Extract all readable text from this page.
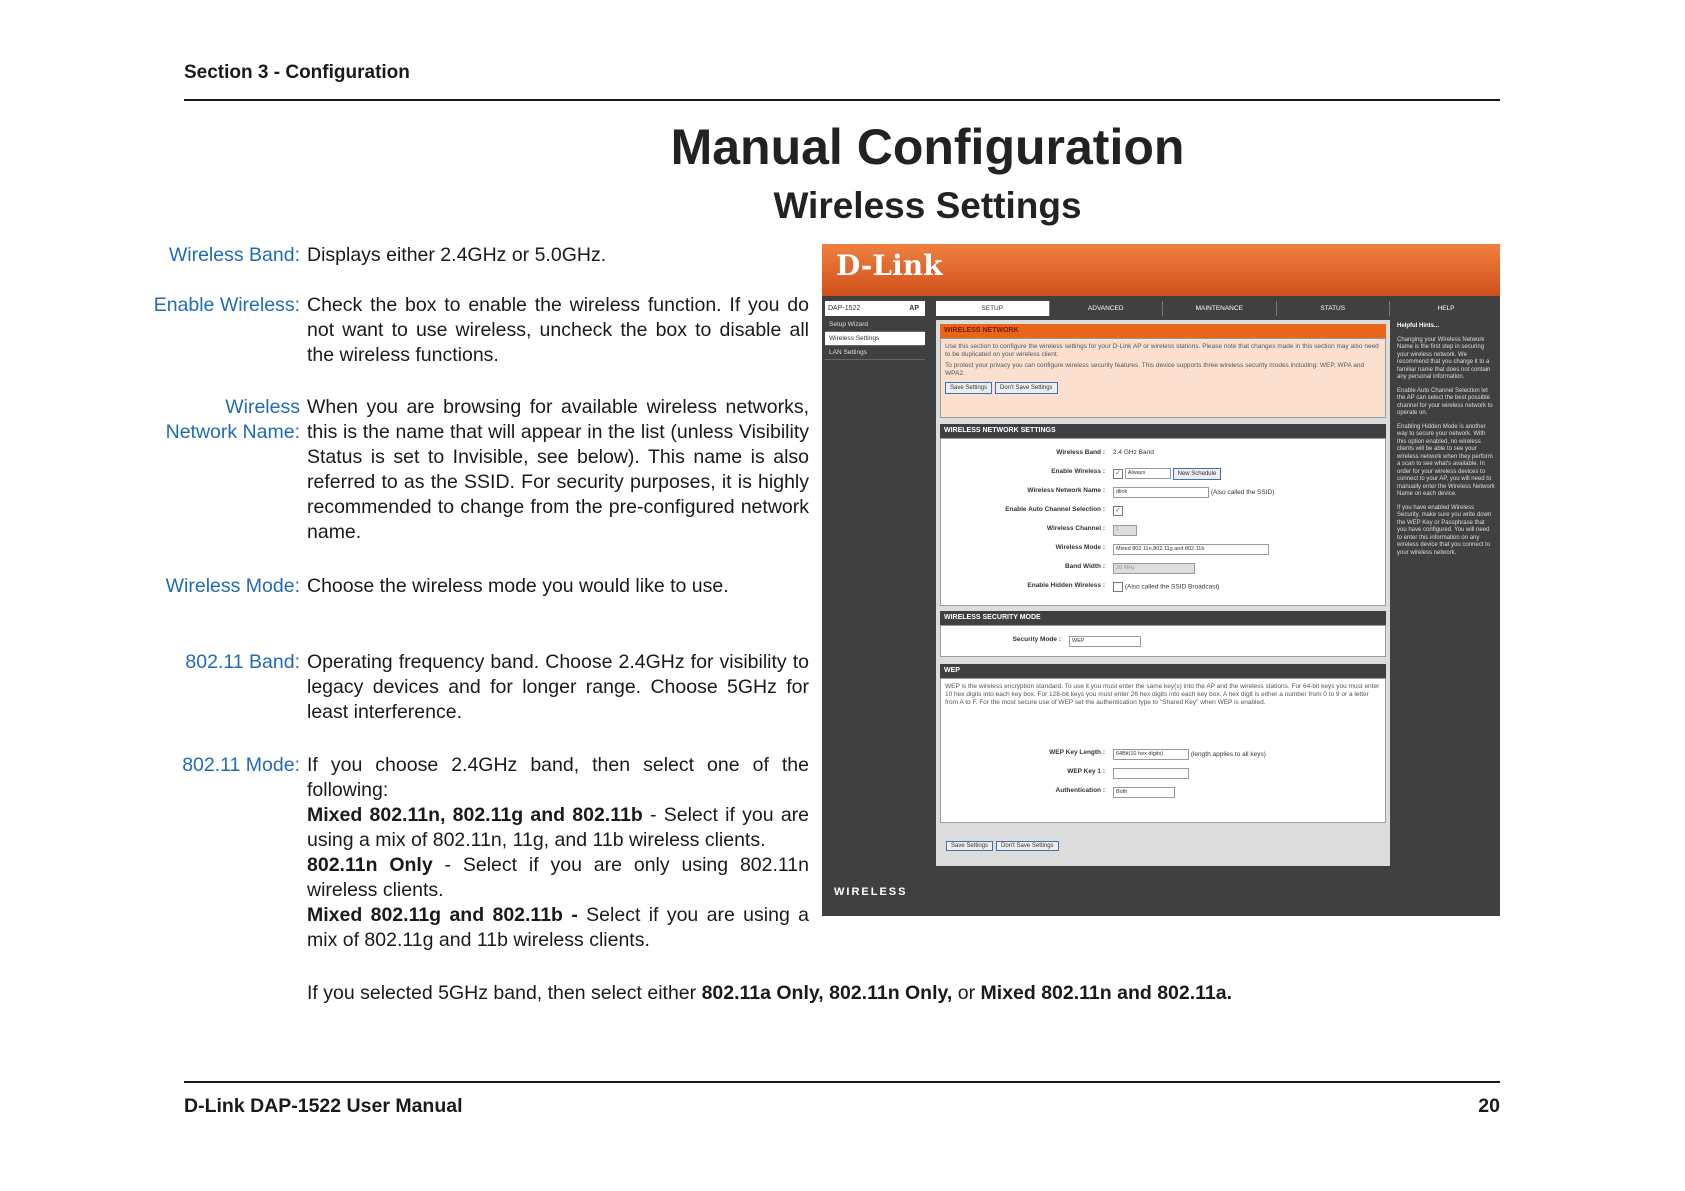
Section 3 - Configuration
Manual Configuration
Wireless Settings
Wireless Band: Displays either 2.4GHz or 5.0GHz.
Enable Wireless: Check the box to enable the wireless function. If you do not want to use wireless, uncheck the box to disable all the wireless functions.
Wireless
Network Name:
When you are browsing for available wireless networks, this is the name that will appear in the list (unless Visibility Status is set to Invisible, see below). This name is also referred to as the SSID. For security purposes, it is highly recommended to change from the pre-configured network name.
Wireless Mode: Choose the wireless mode you would like to use.
802.11 Band: Operating frequency band. Choose 2.4GHz for visibility to legacy devices and for longer range. Choose 5GHz for least interference.
802.11 Mode: If you choose 2.4GHz band, then select one of the following:
Mixed 802.11n, 802.11g and 802.11b - Select if you are using a mix of 802.11n, 11g, and 11b wireless clients.
802.11n Only - Select if you are only using 802.11n wireless clients.
Mixed 802.11g and 802.11b - Select if you are using a mix of 802.11g and 11b wireless clients.
If you selected 5GHz band, then select either 802.11a Only, 802.11n Only, or Mixed 802.11n and 802.11a.
D-Link
DAP-1522	AP	SETUP	ADVANCED	MAINTENANCE	STATUS	HELP
Setup Wizard
Wireless Settings
LAN Settings
WIRELESS NETWORK
Use this section to configure the wireless settings for your D-Link AP or wireless stations. Please note that changes made in this section may also need to be duplicated on your wireless client.
To protect your privacy you can configure wireless security features. This device supports three wireless security modes including: WEP, WPA and WPA2.
Save Settings Don't Save Settings
WIRELESS NETWORK SETTINGS
Wireless Band : 2.4 GHz Band
Enable Wireless : ✓ Always	New Schedule
Wireless Network Name :	dlink	(Also called the SSID)
Enable Auto Channel Selection : ✓
Wireless Channel :	1
Wireless Mode :	Mixed 802.11n,802.11g and 802.11b
Band Width :	20 MHz
Enable Hidden Wireless :	(Also called the SSID Broadcast)
WIRELESS SECURITY MODE
Security Mode :	WEP
WEP
WEP is the wireless encryption standard. To use it you must enter the same key(s) into the AP and the wireless stations. For 64-bit keys you must enter 10 hex digits into each key box. For 128-bit keys you must enter 26 hex digits into each key box. A hex digit is either a number from 0 to 9 or a letter from A to F. For the most secure use of WEP set the authentication type to "Shared Key" when WEP is enabled.
WEP Key Length :	64Bit(10 hex digits)	(length applies to all keys)
WEP Key 1 :
Authentication :	Both
Save Settings Don't Save Settings
Helpful Hints...
Changing your Wireless Network Name is the first step in securing your wireless network. We recommend that you change it to a familiar name that does not contain any personal information.
Enable Auto Channel Selection let the AP can select the best possible channel for your wireless network to operate on.
Enabling Hidden Mode is another way to secure your network. With this option enabled, no wireless clients will be able to see your wireless network when they perform a scan to see what's available. In order for your wireless devices to connect to your AP, you will need to manually enter the Wireless Network Name on each device.
If you have enabled Wireless Security, make sure you write down the WEP Key or Passphrase that you have configured. You will need to enter this information on any wireless device that you connect to your wireless network.
WIRELESS
D-Link DAP-1522 User Manual	20
